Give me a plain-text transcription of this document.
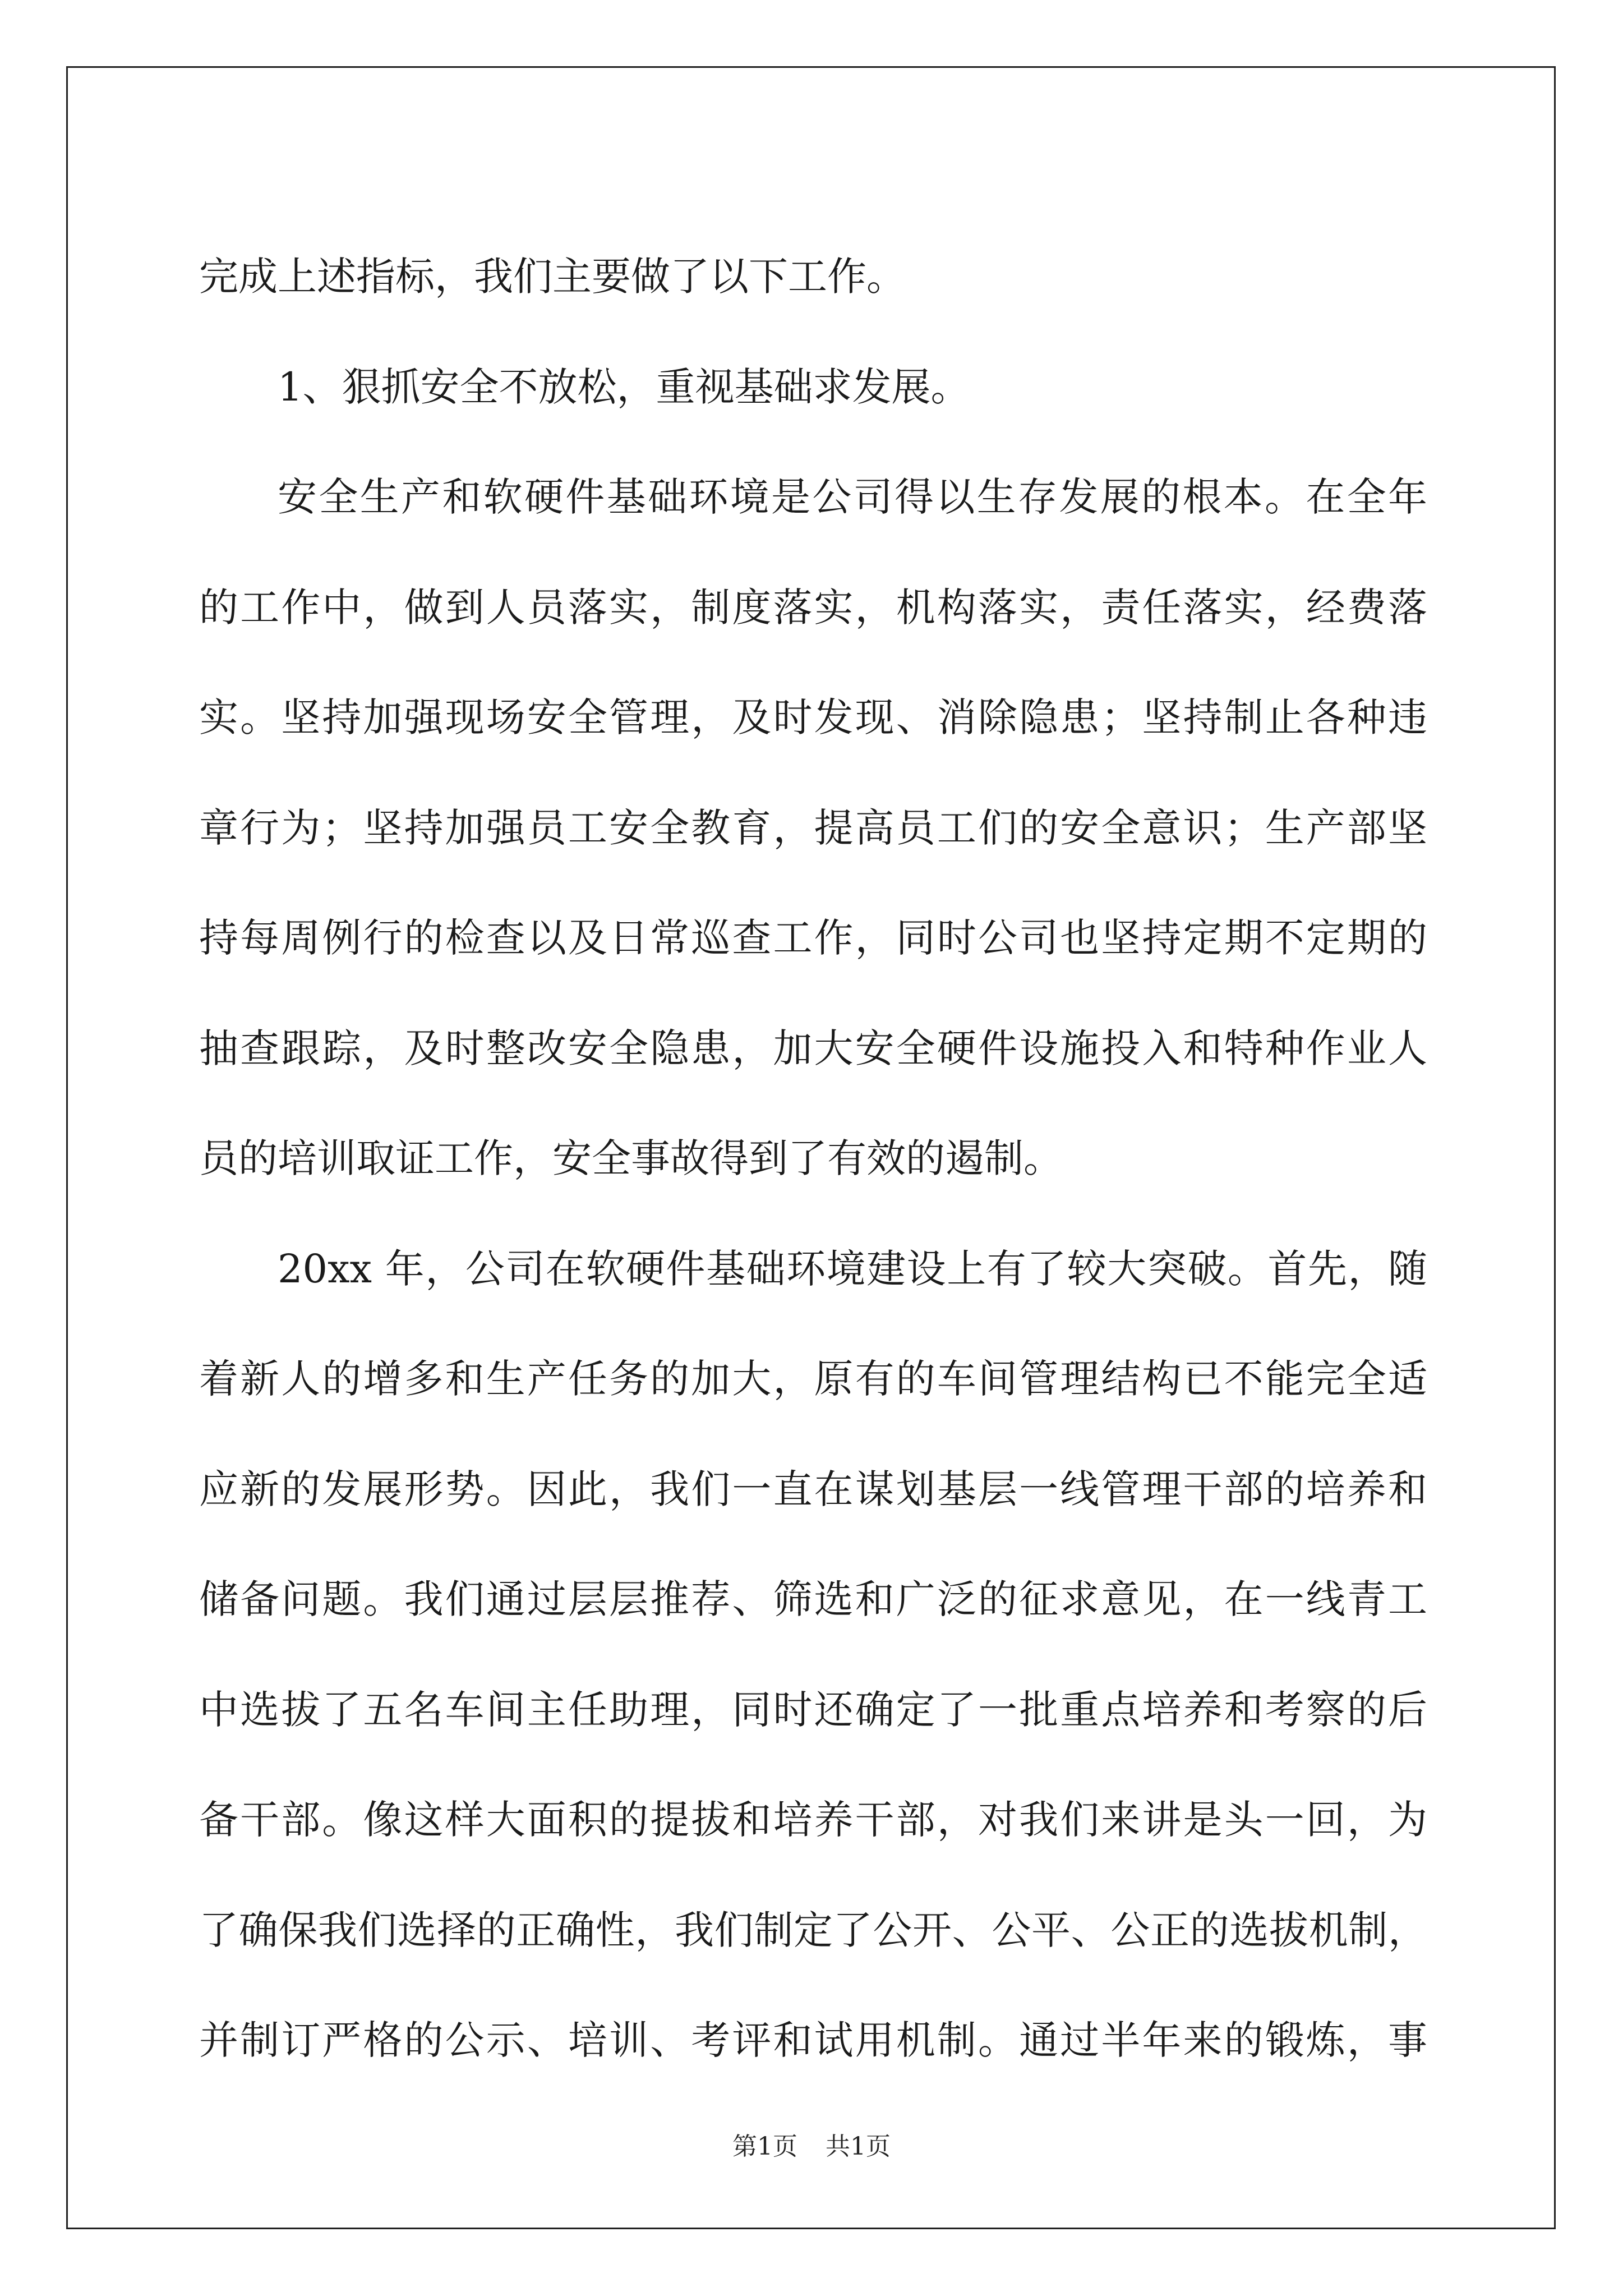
完成上述指标，我们主要做了以下工作。
1、狠抓安全不放松，重视基础求发展。
安全生产和软硬件基础环境是公司得以生存发展的根本。在全年
的工作中，做到人员落实，制度落实，机构落实，责任落实，经费落
实。坚持加强现场安全管理，及时发现、消除隐患；坚持制止各种违
章行为；坚持加强员工安全教育，提高员工们的安全意识；生产部坚
持每周例行的检查以及日常巡查工作，同时公司也坚持定期不定期的
抽查跟踪，及时整改安全隐患，加大安全硬件设施投入和特种作业人
员的培训取证工作，安全事故得到了有效的遏制。
20xx 年，公司在软硬件基础环境建设上有了较大突破。首先，随
着新人的增多和生产任务的加大，原有的车间管理结构已不能完全适
应新的发展形势。因此，我们一直在谋划基层一线管理干部的培养和
储备问题。我们通过层层推荐、筛选和广泛的征求意见，在一线青工
中选拔了五名车间主任助理，同时还确定了一批重点培养和考察的后
备干部。像这样大面积的提拔和培养干部，对我们来讲是头一回，为
了确保我们选择的正确性，我们制定了公开、公平、公正的选拔机制，
并制订严格的公示、培训、考评和试用机制。通过半年来的锻炼，事
第1页 共1页
